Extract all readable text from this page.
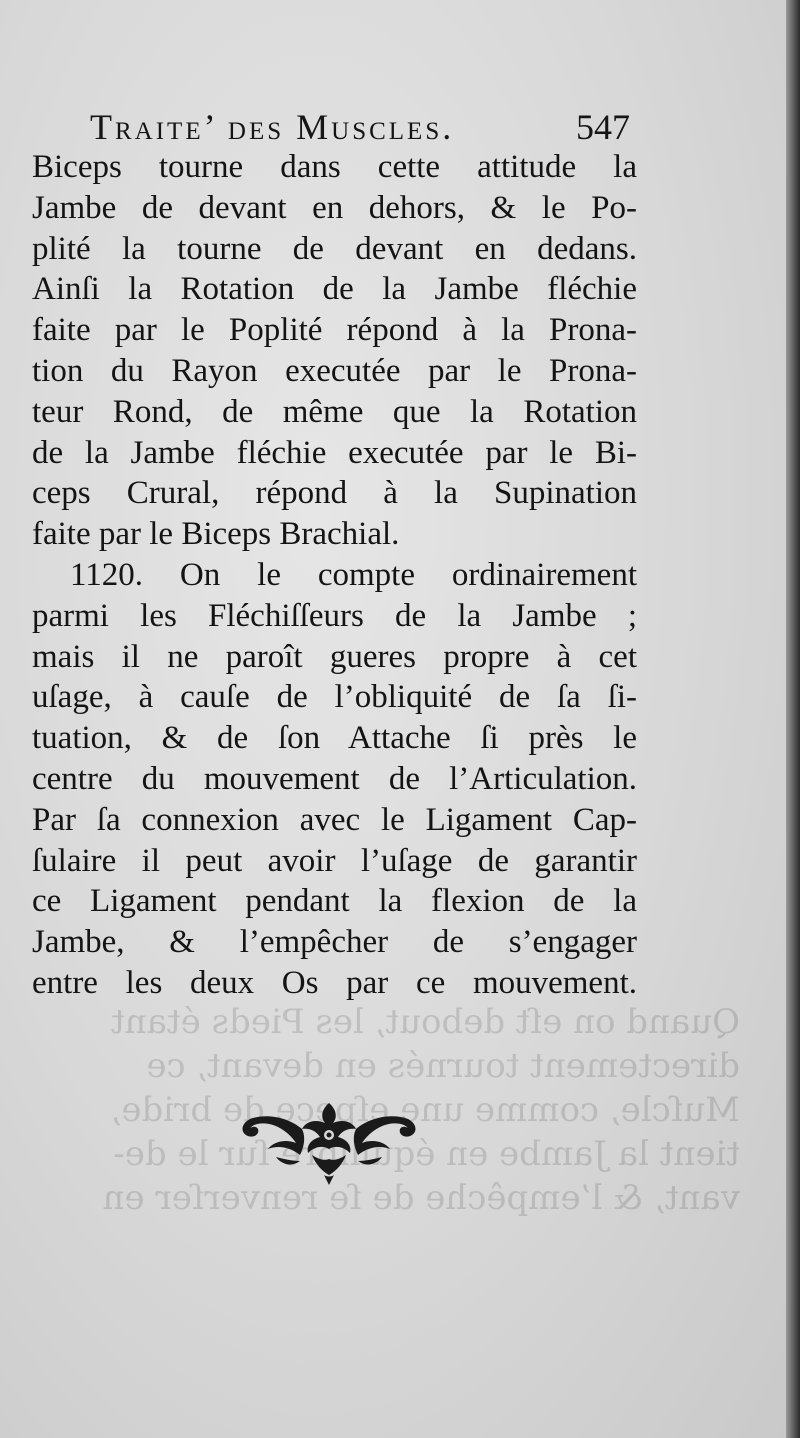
Quand on eſt debout, les Pieds étant
directement tournés en devant, ce
Muſcle, comme une  de bride,
tient la Jambe en  ſur le de-
vant, & l’empêche de ſe renverſer en
Traite’ des Muscles.	547
Biceps tourne dans cette attitude la
Jambe de devant en dehors, & le Po-
plité la tourne de devant en dedans.
Ainſi la Rotation de la Jambe fléchie
faite par le Poplité répond à la Prona-
tion du Rayon executée par le Prona-
teur Rond, de même que la Rotation
de la Jambe fléchie executée par le Bi-
ceps Crural, répond à la Supination
faite par le Biceps Brachial.
1120. On le compte ordinairement
parmi les Fléchiſſeurs de la Jambe ;
mais il ne paroît gueres propre à cet
uſage, à cauſe de l’obliquité de ſa ſi-
tuation, & de ſon Attache ſi près le
centre du mouvement de l’Articulation.
Par ſa connexion avec le Ligament Cap-
ſulaire il peut avoir l’uſage de garantir
ce Ligament pendant la flexion de la
Jambe, & l’empêcher de s’engager
entre les deux Os par ce mouvement.
